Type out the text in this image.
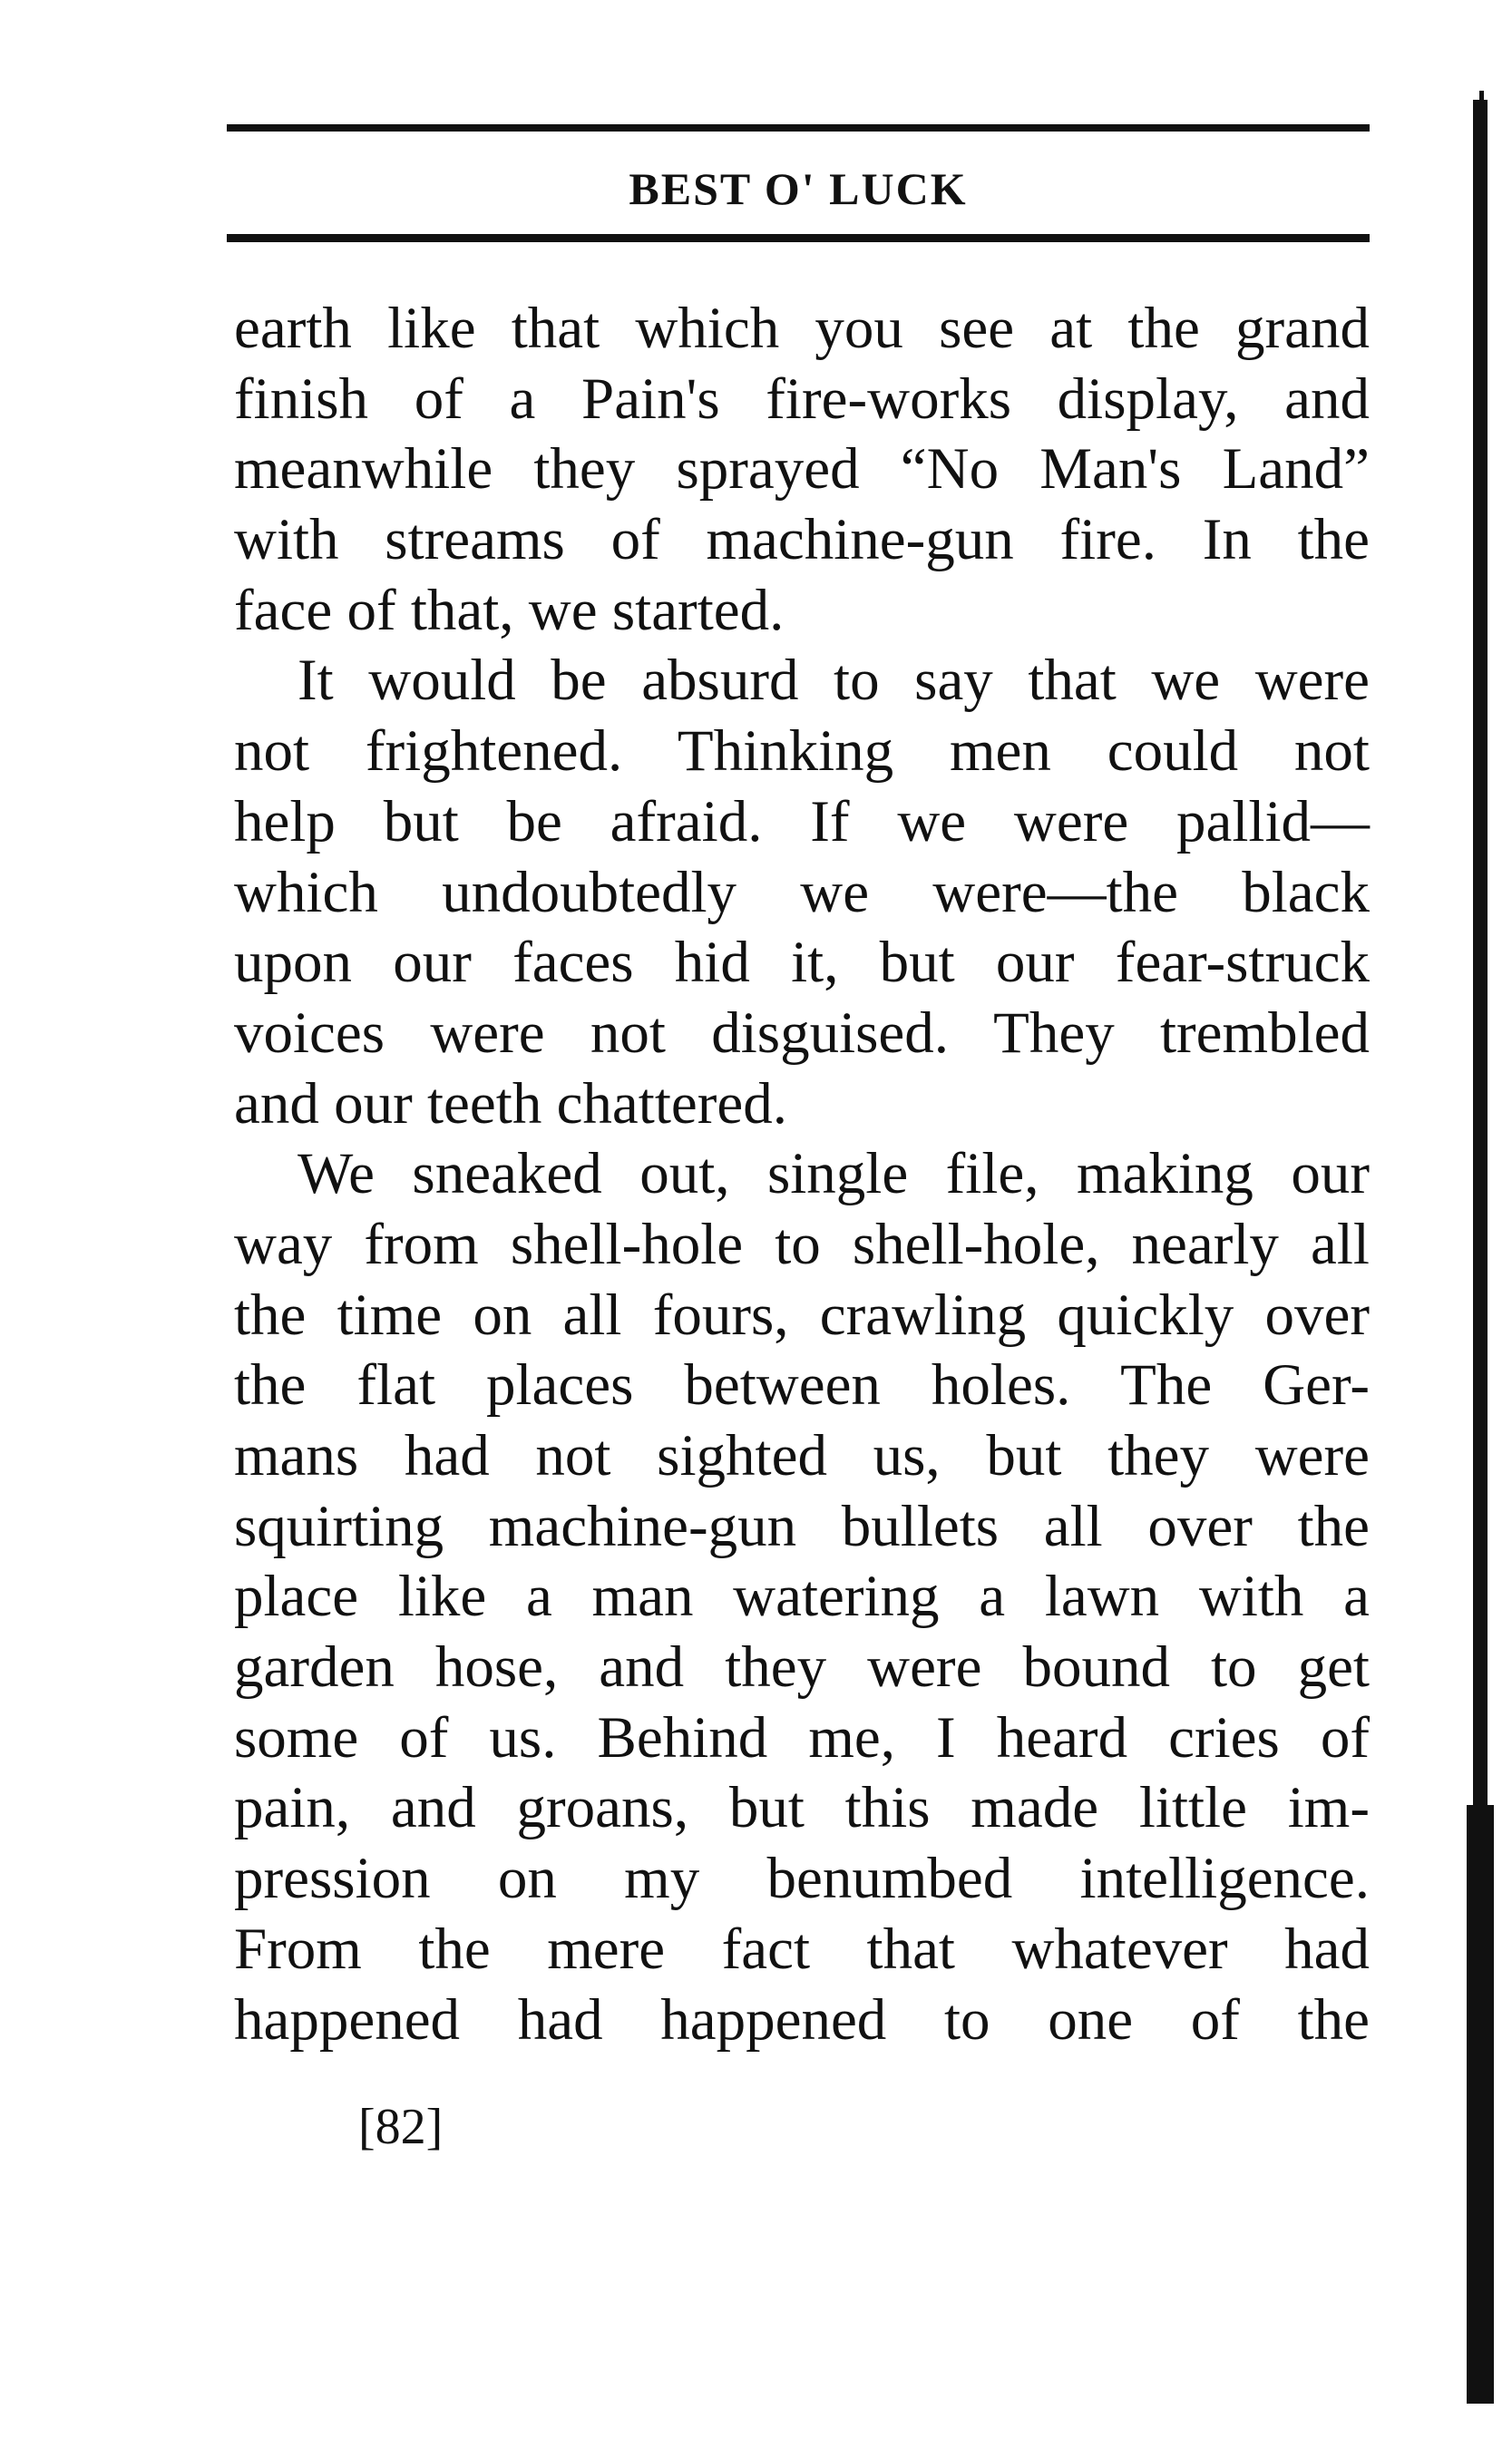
BEST O' LUCK
earth like that which you see at the grand
finish of a Pain's fire-works display, and
meanwhile they sprayed “No Man's Land”
with streams of machine-gun fire. In the
face of that, we started.
It would be absurd to say that we were
not frightened. Thinking men could not
help but be afraid. If we were pallid—
which undoubtedly we were—the black
upon our faces hid it, but our fear-struck
voices were not disguised. They trembled
and our teeth chattered.
We sneaked out, single file, making our
way from shell-hole to shell-hole, nearly all
the time on all fours, crawling quickly over
the flat places between holes. The Ger-
mans had not sighted us, but they were
squirting machine-gun bullets all over the
place like a man watering a lawn with a
garden hose, and they were bound to get
some of us. Behind me, I heard cries of
pain, and groans, but this made little im-
pression on my benumbed intelligence.
From the mere fact that whatever had
happened had happened to one of the
[82]
